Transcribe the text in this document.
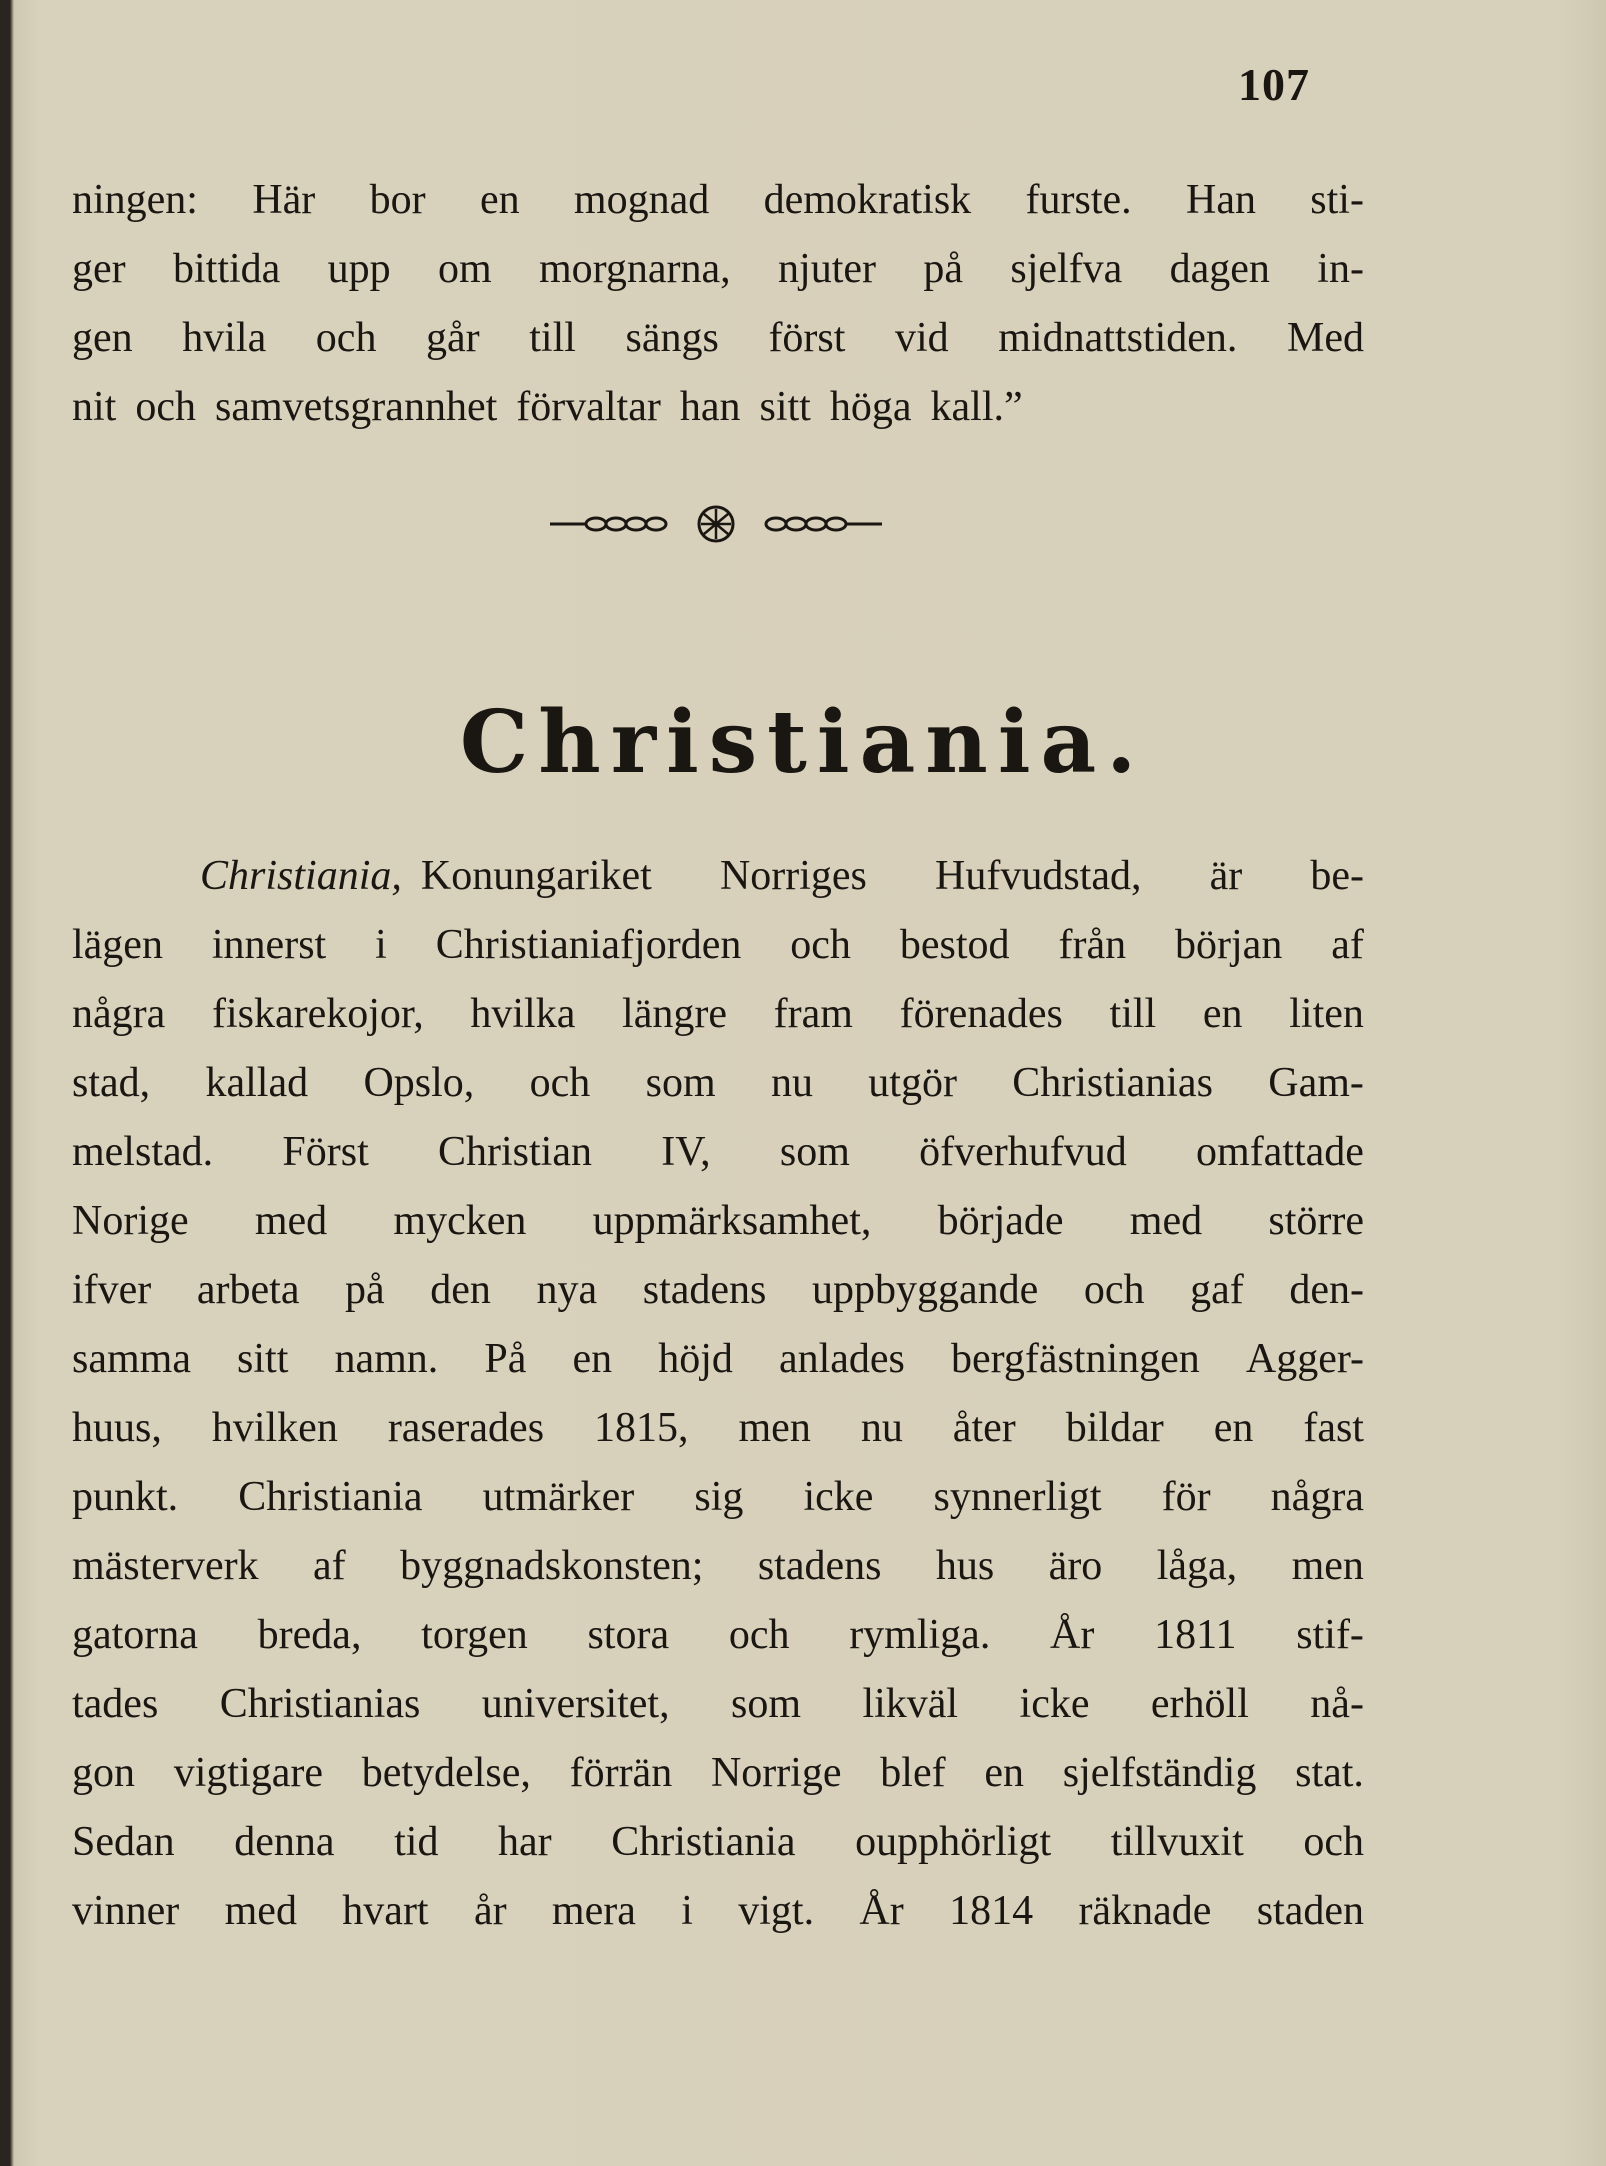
107
ningen: Här bor en mognad demokratisk furste. Han sti-
ger bittida upp om morgnarna, njuter på sjelfva dagen in-
gen hvila och går till sängs först vid midnattstiden. Med
nit och samvetsgrannhet förvaltar han sitt höga kall.”
Christiania.
Christiania, Konungariket Norriges Hufvudstad, är be-
lägen innerst i Christianiafjorden och bestod från början af
några fiskarekojor, hvilka längre fram förenades till en liten
stad, kallad Opslo, och som nu utgör Christianias Gam-
melstad. Först Christian IV, som öfverhufvud omfattade
Norige med mycken uppmärksamhet, började med större
ifver arbeta på den nya stadens uppbyggande och gaf den-
samma sitt namn. På en höjd anlades bergfästningen Agger-
huus, hvilken raserades 1815, men nu åter bildar en fast
punkt. Christiania utmärker sig icke synnerligt för några
mästerverk af byggnadskonsten; stadens hus äro låga, men
gatorna breda, torgen stora och rymliga. År 1811 stif-
tades Christianias universitet, som likväl icke erhöll nå-
gon vigtigare betydelse, förrän Norrige blef en sjelfständig stat.
Sedan denna tid har Christiania oupphörligt tillvuxit och
vinner med hvart år mera i vigt. År 1814 räknade staden
